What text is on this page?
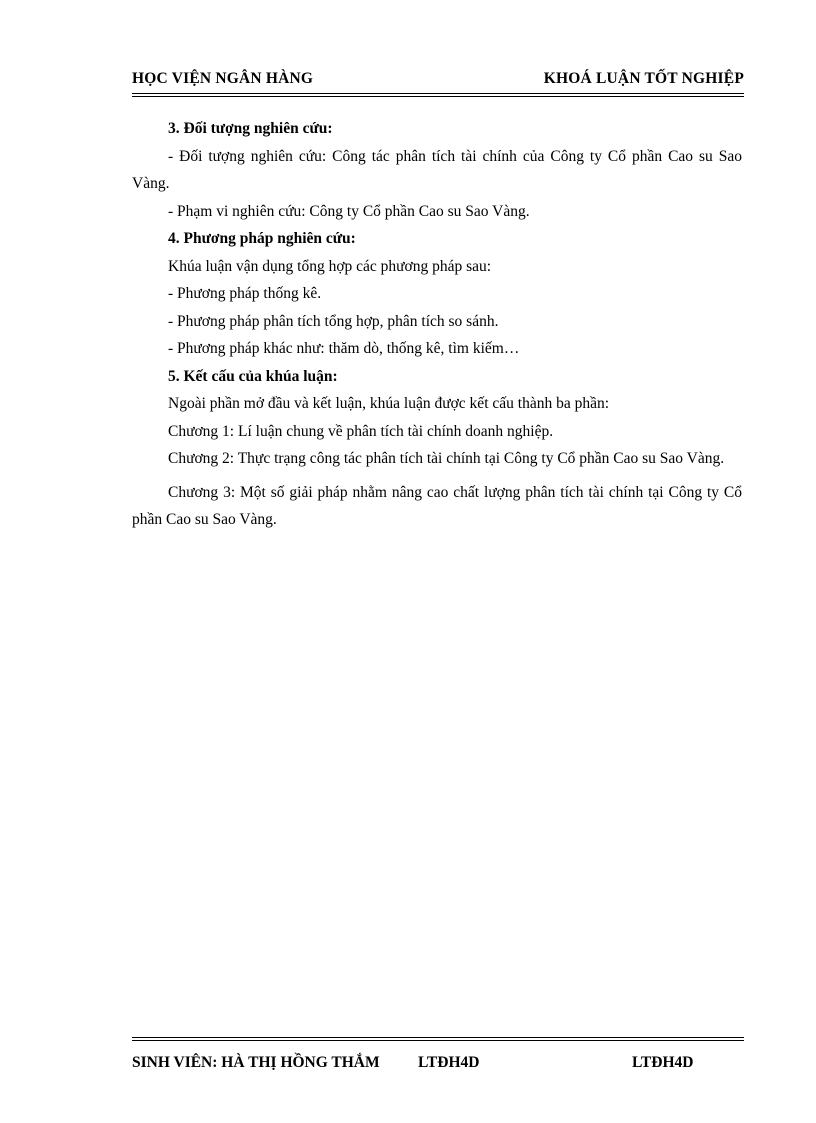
HỌC VIỆN NGÂN HÀNG	KHOÁ LUẬN TỐT NGHIỆP

3. Đối tượng nghiên cứu:

- Đối tượng nghiên cứu: Công tác phân tích tài chính của Công ty Cổ phần Cao su Sao Vàng.

- Phạm vi nghiên cứu: Công ty Cổ phần Cao su Sao Vàng.

4. Phương pháp nghiên cứu:

Khúa luận vận dụng tổng hợp các phương pháp sau:

- Phương pháp thống kê.

- Phương pháp phân tích tổng hợp, phân tích so sánh.

- Phương pháp khác như: thăm dò, thống kê, tìm kiếm…

5. Kết cấu của khúa luận:

Ngoài phần mở đầu và kết luận, khúa luận được kết cấu thành ba phần:

Chương 1: Lí luận chung về phân tích tài chính doanh nghiệp.

Chương 2: Thực trạng công tác phân tích tài chính tại Công ty Cổ phần Cao su Sao Vàng.

Chương 3: Một số giải pháp nhằm nâng cao chất lượng phân tích tài chính tại Công ty Cổ phần Cao su Sao Vàng.

SINH VIÊN: HÀ THỊ HỒNG THẮM LTĐH4D	LTĐH4D
